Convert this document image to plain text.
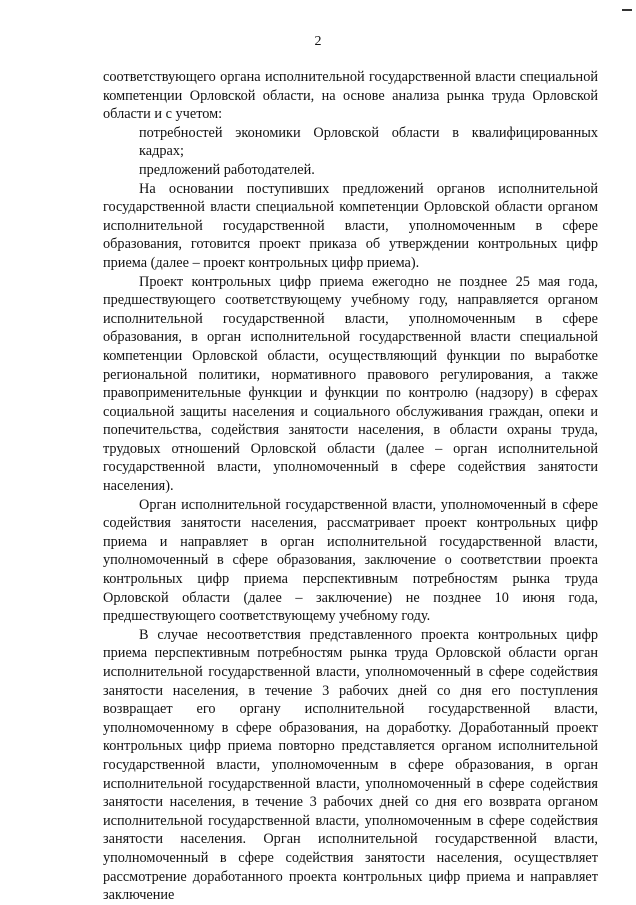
2

соответствующего органа исполнительной государственной власти специальной компетенции Орловской области, на основе анализа рынка труда Орловской области и с учетом:

потребностей экономики Орловской области в квалифицированных кадрах;

предложений работодателей.

На основании поступивших предложений органов исполнительной государственной власти специальной компетенции Орловской области органом исполнительной государственной власти, уполномоченным в сфере образования, готовится проект приказа об утверждении контрольных цифр приема (далее – проект контрольных цифр приема).

Проект контрольных цифр приема ежегодно не позднее 25 мая года, предшествующего соответствующему учебному году, направляется органом исполнительной государственной власти, уполномоченным в сфере образования, в орган исполнительной государственной власти специальной компетенции Орловской области, осуществляющий функции по выработке региональной политики, нормативного правового регулирования, а также правоприменительные функции и функции по контролю (надзору) в сферах социальной защиты населения и социального обслуживания граждан, опеки и попечительства, содействия занятости населения, в области охраны труда, трудовых отношений Орловской области (далее – орган исполнительной государственной власти, уполномоченный в сфере содействия занятости населения).

Орган исполнительной государственной власти, уполномоченный в сфере содействия занятости населения, рассматривает проект контрольных цифр приема и направляет в орган исполнительной государственной власти, уполномоченный в сфере образования, заключение о соответствии проекта контрольных цифр приема перспективным потребностям рынка труда Орловской области (далее – заключение) не позднее 10 июня года, предшествующего соответствующему учебному году.

В случае несоответствия представленного проекта контрольных цифр приема перспективным потребностям рынка труда Орловской области орган исполнительной государственной власти, уполномоченный в сфере содействия занятости населения, в течение 3 рабочих дней со дня его поступления возвращает его органу исполнительной государственной власти, уполномоченному в сфере образования, на доработку. Доработанный проект контрольных цифр приема повторно представляется органом исполнительной государственной власти, уполномоченным в сфере образования, в орган исполнительной государственной власти, уполномоченный в сфере содействия занятости населения, в течение 3 рабочих дней со дня его возврата органом исполнительной государственной власти, уполномоченным в сфере содействия занятости населения. Орган исполнительной государственной власти, уполномоченный в сфере содействия занятости населения, осуществляет рассмотрение доработанного проекта контрольных цифр приема и направляет заключение
